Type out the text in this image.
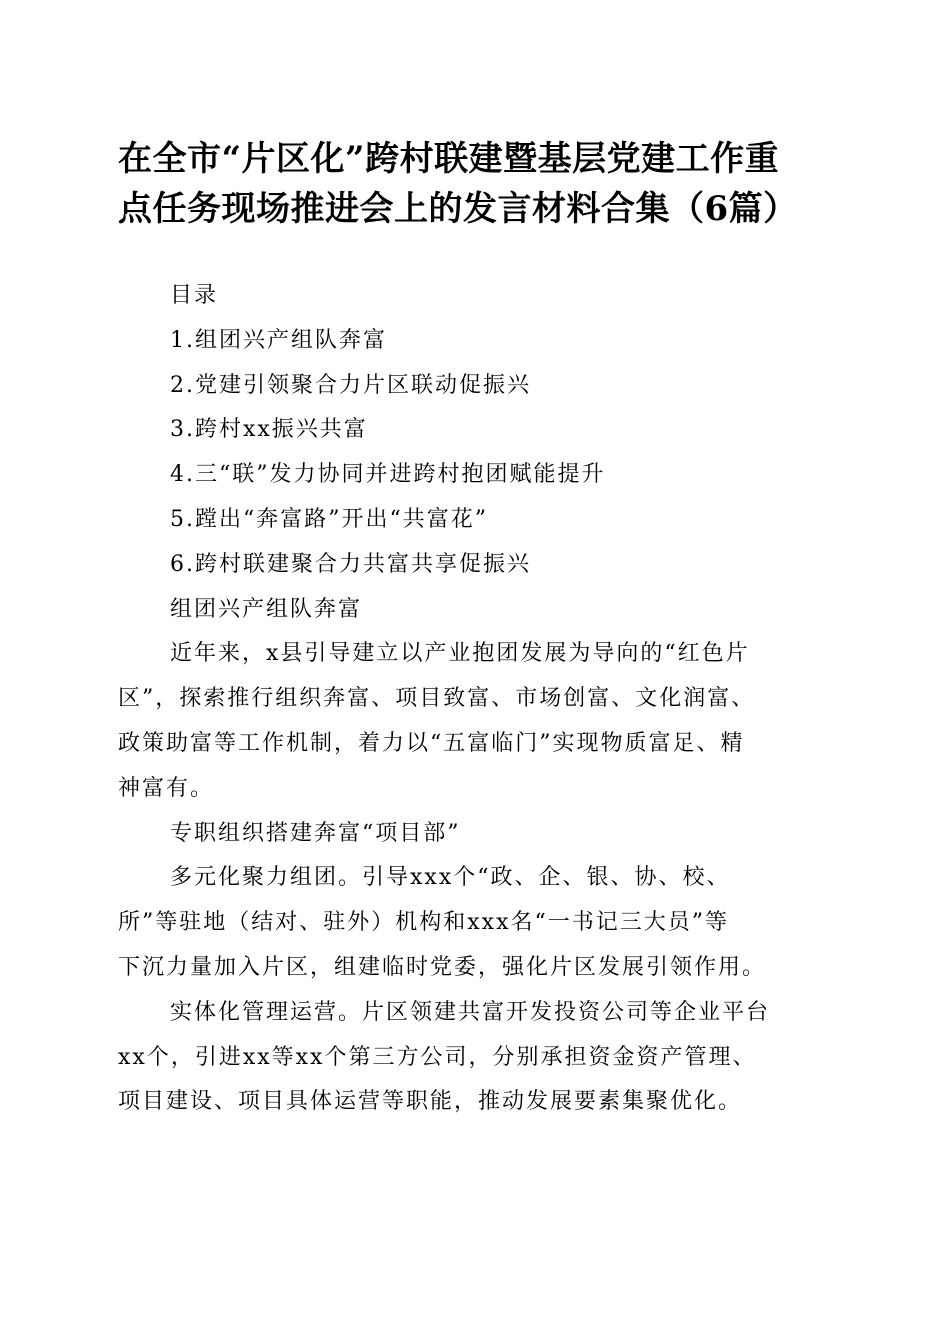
在全市“片区化”跨村联建暨基层党建工作重
点任务现场推进会上的发言材料合集（6篇）
目录
1.组团兴产组队奔富
2.党建引领聚合力片区联动促振兴
3.跨村xx振兴共富
4.三“联”发力协同并进跨村抱团赋能提升
5.蹚出“奔富路”开出“共富花”
6.跨村联建聚合力共富共享促振兴
组团兴产组队奔富
近年来，x县引导建立以产业抱团发展为导向的“红色片
区”，探索推行组织奔富、项目致富、市场创富、文化润富、
政策助富等工作机制，着力以“五富临门”实现物质富足、精
神富有。
专职组织搭建奔富“项目部”
多元化聚力组团。引导xxx个“政、企、银、协、校、
所”等驻地（结对、驻外）机构和xxx名“一书记三大员”等
下沉力量加入片区，组建临时党委，强化片区发展引领作用。
实体化管理运营。片区领建共富开发投资公司等企业平台
xx个，引进xx等xx个第三方公司，分别承担资金资产管理、
项目建设、项目具体运营等职能，推动发展要素集聚优化。
